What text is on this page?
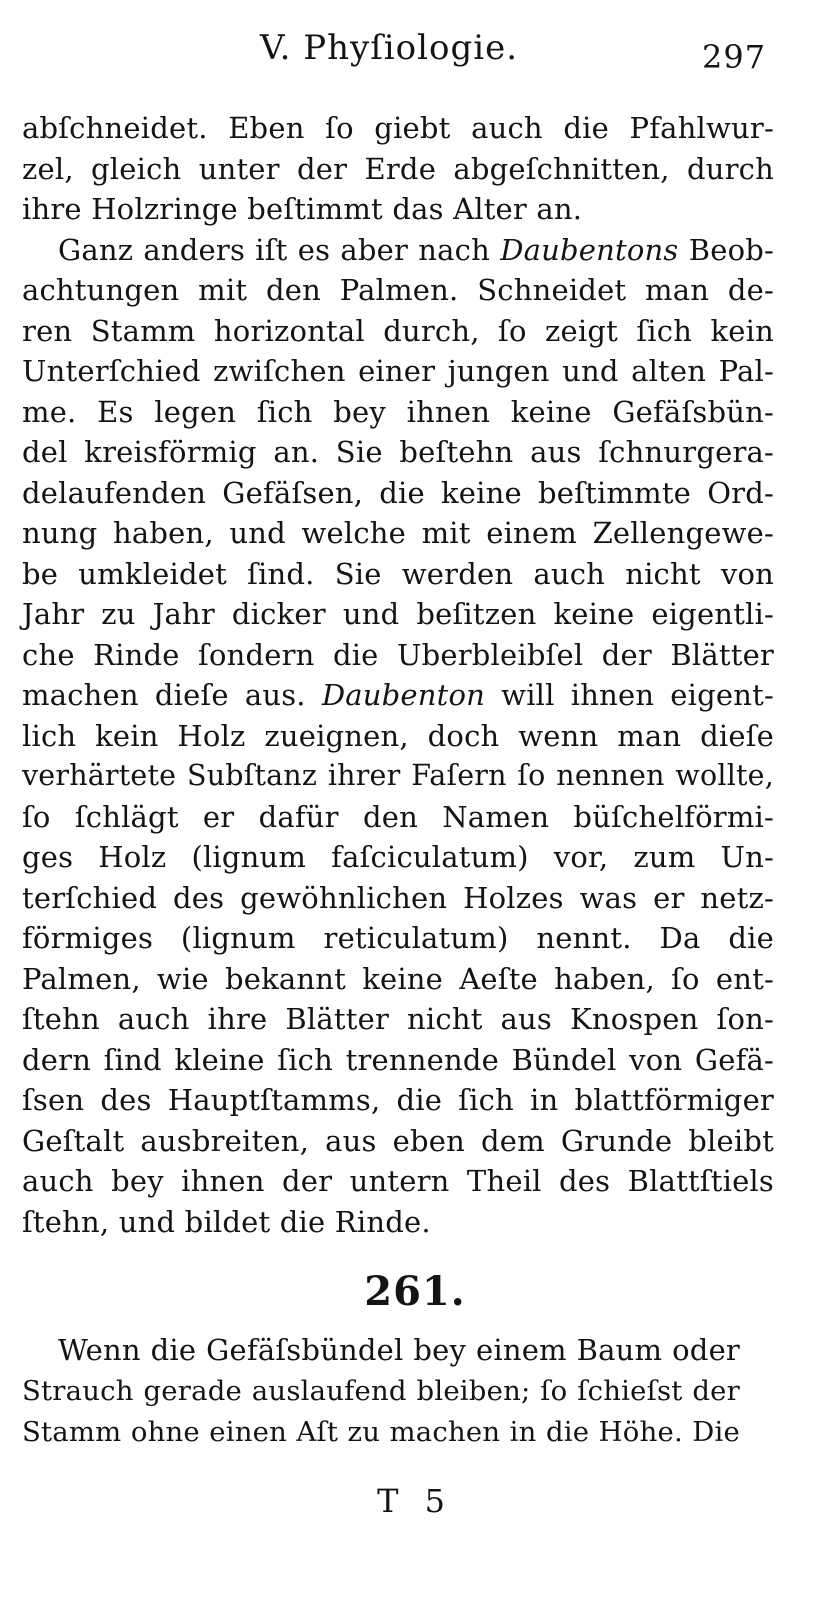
V. Phyſiologie.	297
abſchneidet. Eben ſo giebt auch die Pfahlwur-
zel, gleich unter der Erde abgeſchnitten, durch
ihre Holzringe beſtimmt das Alter an.
Ganz anders iſt es aber nach Daubentons Beob-
achtungen mit den Palmen. Schneidet man de-
ren Stamm horizontal durch, ſo zeigt ſich kein
Unterſchied zwiſchen einer jungen und alten Pal-
me. Es legen ſich bey ihnen keine Gefäſsbün-
del kreisförmig an. Sie beſtehn aus ſchnurgera-
delaufenden Gefäſsen, die keine beſtimmte Ord-
nung haben, und welche mit einem Zellengewe-
be umkleidet ſind. Sie werden auch nicht von
Jahr zu Jahr dicker und beſitzen keine eigentli-
che Rinde ſondern die Uberbleibſel der Blätter
machen dieſe aus. Daubenton will ihnen eigent-
lich kein Holz zueignen, doch wenn man dieſe
verhärtete Subſtanz ihrer Faſern ſo nennen wollte,
ſo ſchlägt er dafür den Namen büſchelförmi-
ges Holz (lignum faſciculatum) vor, zum Un-
terſchied des gewöhnlichen Holzes was er netz-
förmiges (lignum reticulatum) nennt. Da die
Palmen, wie bekannt keine Aeſte haben, ſo ent-
ſtehn auch ihre Blätter nicht aus Knospen ſon-
dern ſind kleine ſich trennende Bündel von Gefä-
ſsen des Hauptſtamms, die ſich in blattförmiger
Geſtalt ausbreiten, aus eben dem Grunde bleibt
auch bey ihnen der untern Theil des Blattſtiels
ſtehn, und bildet die Rinde.
261.
Wenn die Gefäſsbündel bey einem Baum oder
Strauch gerade auslaufend bleiben; ſo ſchieſst der
Stamm ohne einen Aſt zu machen in die Höhe. Die
T 5
